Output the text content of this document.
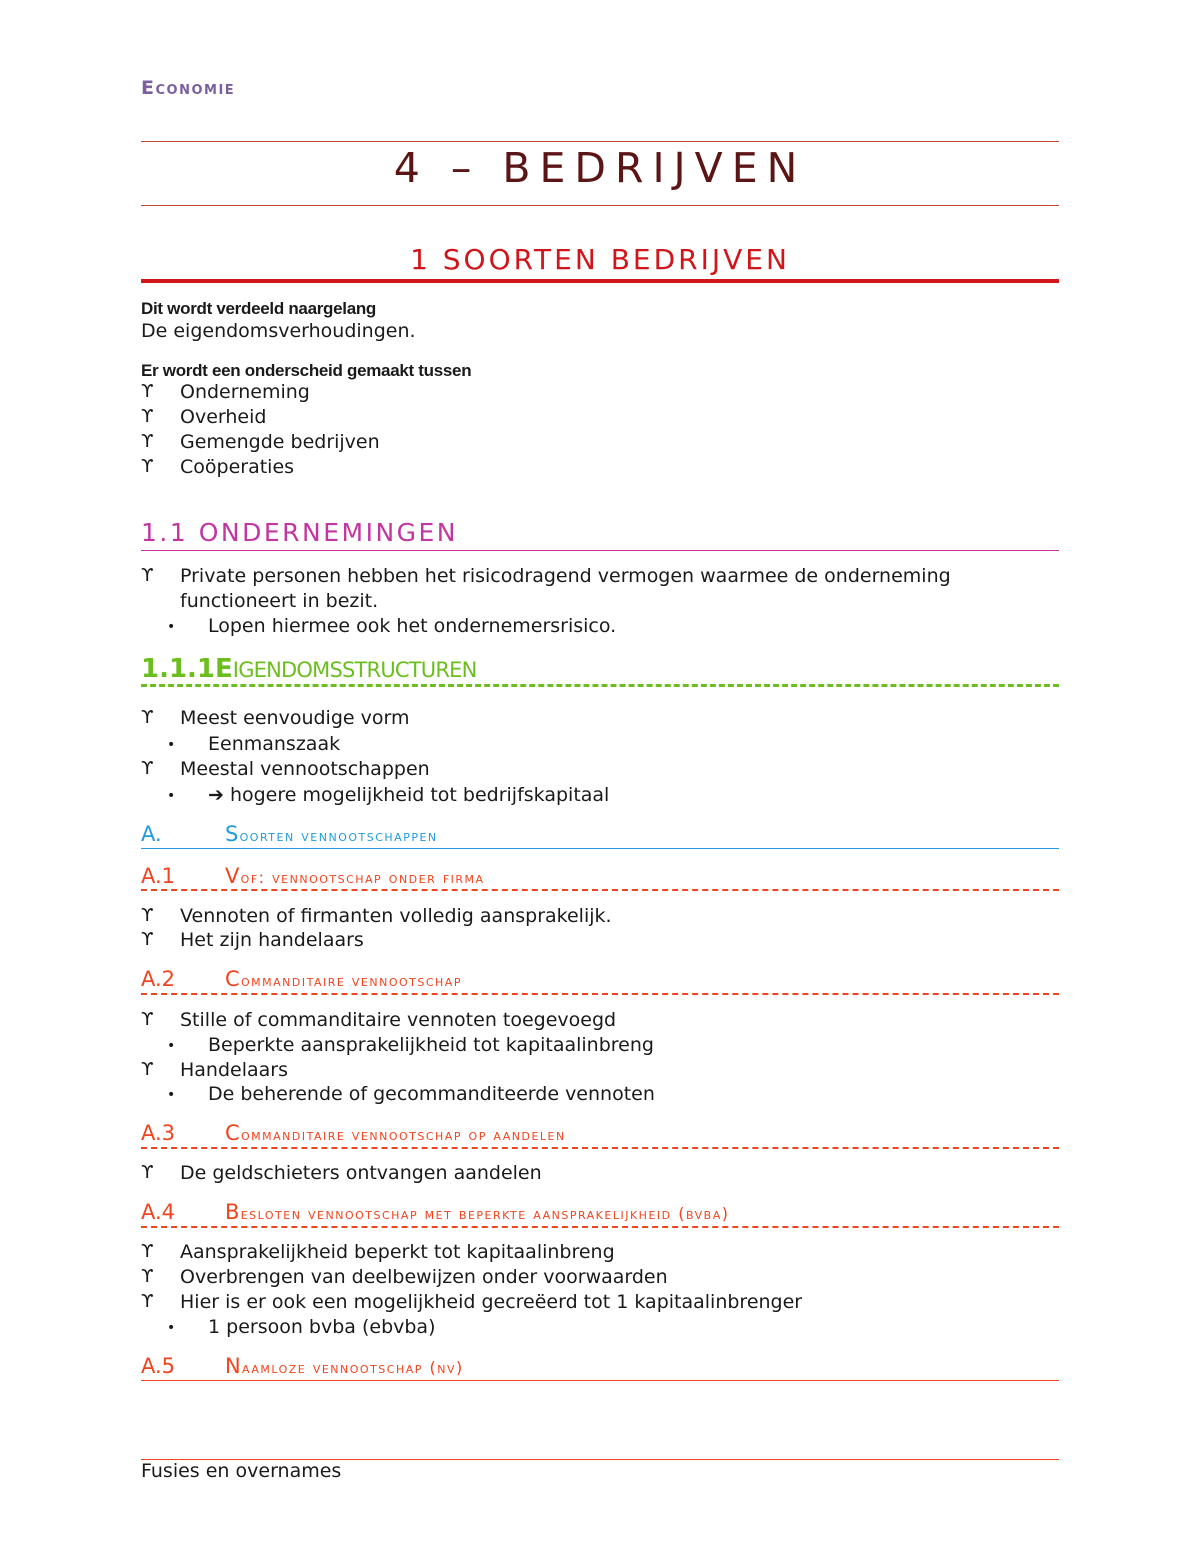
Economie
4 – BEDRIJVEN
1 SOORTEN BEDRIJVEN
Dit wordt verdeeld naargelang
De eigendomsverhoudingen.
Er wordt een onderscheid gemaakt tussen
ϒ	Onderneming
ϒ	Overheid
ϒ	Gemengde bedrijven
ϒ	Coöperaties
1.1 ONDERNEMINGEN
ϒ	Private personen hebben het risicodragend vermogen waarmee de onderneming
functioneert in bezit.
•	Lopen hiermee ook het ondernemersrisico.
1.1.1EIGENDOMSSTRUCTUREN
ϒ	Meest eenvoudige vorm
•	Eenmanszaak
ϒ	Meestal vennootschappen
•	➔ hogere mogelijkheid tot bedrijfskapitaal
A.	Soorten vennootschappen
A.1 Vof: vennootschap onder firma
ϒ	Vennoten of firmanten volledig aansprakelijk.
ϒ	Het zijn handelaars
A.2 Commanditaire vennootschap
ϒ	Stille of commanditaire vennoten toegevoegd
•	Beperkte aansprakelijkheid tot kapitaalinbreng
ϒ	Handelaars
•	De beherende of gecommanditeerde vennoten
A.3 Commanditaire vennootschap op aandelen
ϒ	De geldschieters ontvangen aandelen
A.4 Besloten vennootschap met beperkte aansprakelijkheid (bvba)
ϒ	Aansprakelijkheid beperkt tot kapitaalinbreng
ϒ	Overbrengen van deelbewijzen onder voorwaarden
ϒ	Hier is er ook een mogelijkheid gecreëerd tot 1 kapitaalinbrenger
•	1 persoon bvba (ebvba)
A.5 Naamloze vennootschap (nv)
Fusies en overnames
